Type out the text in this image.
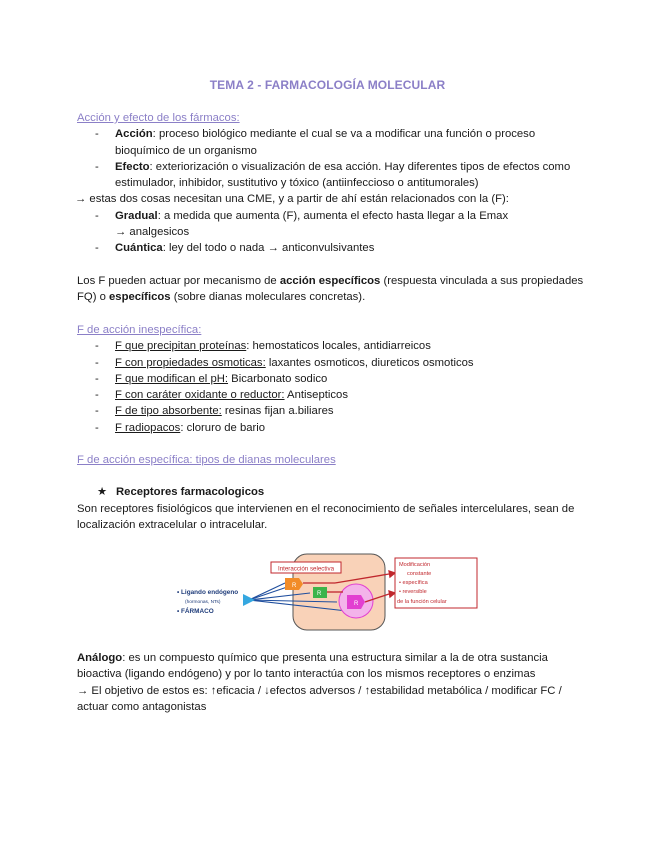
TEMA 2 - FARMACOLOGÍA MOLECULAR
Acción y efecto de los fármacos:
- Acción: proceso biológico mediante el cual se va a modificar una función o proceso bioquímico de un organismo
- Efecto: exteriorización o visualización de esa acción. Hay diferentes tipos de efectos como estimulador, inhibidor, sustitutivo y tóxico (antiinfeccioso o antitumorales)
→ estas dos cosas necesitan una CME, y a partir de ahí están relacionados con la (F):
- Gradual: a medida que aumenta (F), aumenta el efecto hasta llegar a la Emax
→ analgesicos
- Cuántica: ley del todo o nada → anticonvulsivantes

Los F pueden actuar por mecanismo de acción específicos (respuesta vinculada a sus propiedades FQ) o específicos (sobre dianas moleculares concretas).

F de acción inespecífica:
- F que precipitan proteínas: hemostaticos locales, antidiarreicos
- F con propiedades osmoticas: laxantes osmoticos, diureticos osmoticos
- F que modifican el pH: Bicarbonato sodico
- F con caráter oxidante o reductor: Antisepticos
- F de tipo absorbente: resinas fijan a.biliares
- F radiopacos: cloruro de bario
F de acción específica: tipos de dianas moleculares
★ Receptores farmacologicos

Son receptores fisiológicos que intervienen en el reconocimiento de señales intercelulares, sean de localización extracelular o intracelular.

Interacción selectiva
R
R
R
Modificación
constante
• específica
• reversible
de la función celular
• Ligando endógeno
(hormonas, NTs)
• FÁRMACO

Análogo: es un compuesto químico que presenta una estructura similar a la de otra sustancia bioactiva (ligando endógeno) y por lo tanto interactúa con los mismos receptores o enzimas

→ El objetivo de estos es: ↑eficacia / ↓efectos adversos / ↑estabilidad metabólica / modificar FC / actuar como antagonistas
